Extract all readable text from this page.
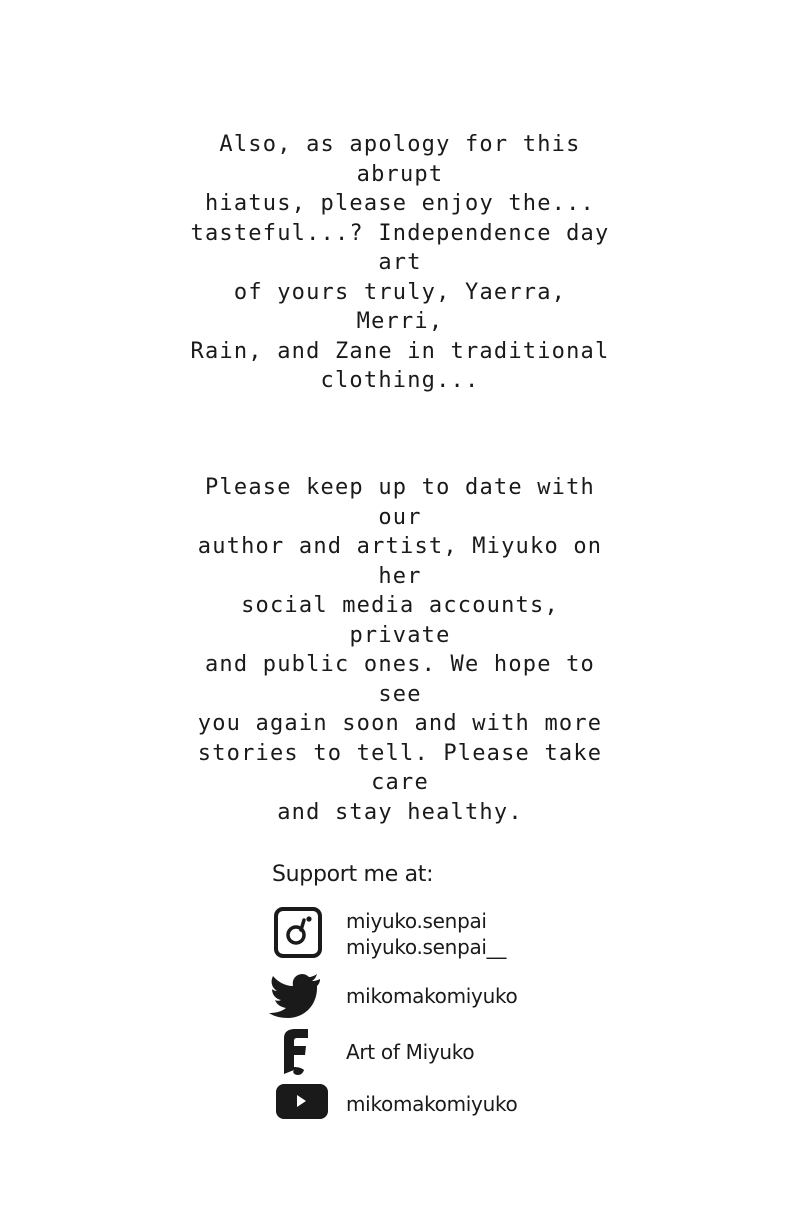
Also, as apology for this abrupt
hiatus, please enjoy the...
tasteful...? Independence day art
of yours truly, Yaerra, Merri,
Rain, and Zane in traditional
clothing...
Please keep up to date with our
author and artist, Miyuko on her
social media accounts, private
and public ones. We hope to see
you again soon and with more
stories to tell. Please take care
and stay healthy.
Support me at:
miyuko.senpai
miyuko.senpai__
mikomakomiyuko
Art of Miyuko
mikomakomiyuko
